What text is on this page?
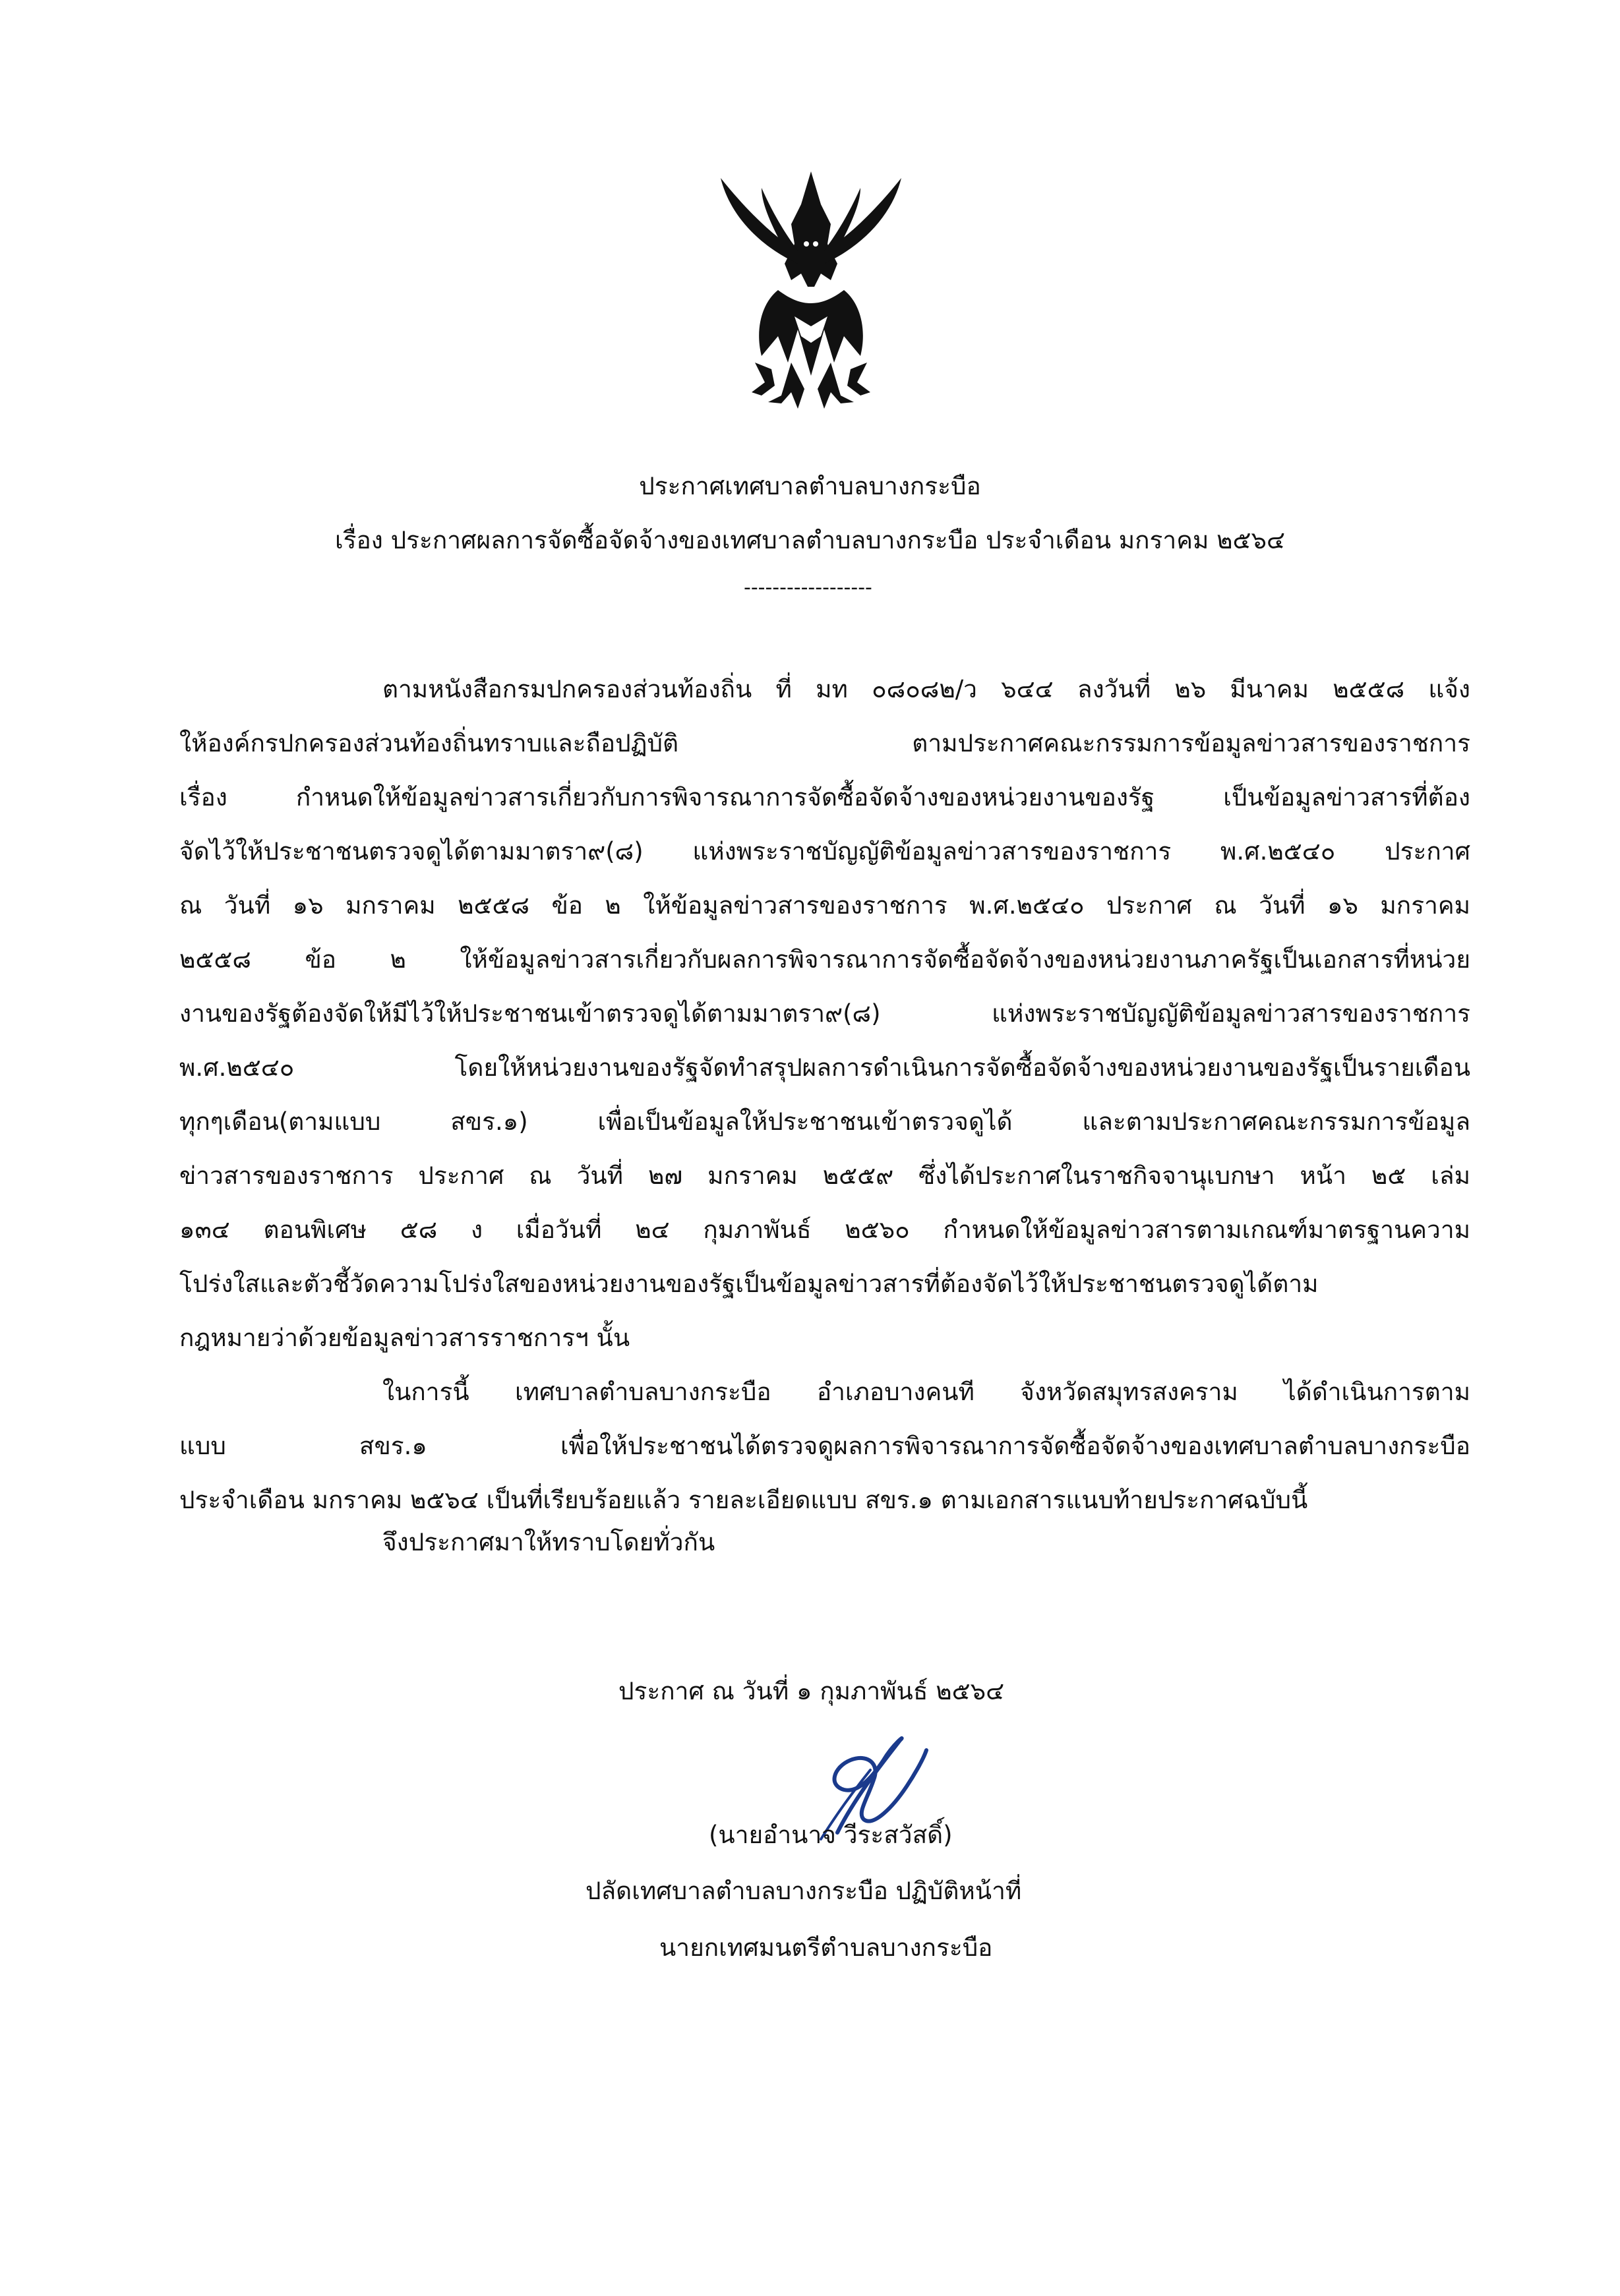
ประกาศเทศบาลตำบลบางกระบือ
เรื่อง ประกาศผลการจัดซื้อจัดจ้างของเทศบาลตำบลบางกระบือ ประจำเดือน มกราคม ๒๕๖๔
------------------
ตามหนังสือกรมปกครองส่วนท้องถิ่น ที่ มท ๐๘๐๘๒/ว ๖๔๔ ลงวันที่ ๒๖ มีนาคม ๒๕๕๘ แจ้ง
ให้องค์กรปกครองส่วนท้องถิ่นทราบและถือปฏิบัติ ตามประกาศคณะกรรมการข้อมูลข่าวสารของราชการ
เรื่อง กำหนดให้ข้อมูลข่าวสารเกี่ยวกับการพิจารณาการจัดซื้อจัดจ้างของหน่วยงานของรัฐ เป็นข้อมูลข่าวสารที่ต้อง
จัดไว้ให้ประชาชนตรวจดูได้ตามมาตรา๙(๘) แห่งพระราชบัญญัติข้อมูลข่าวสารของราชการ พ.ศ.๒๕๔๐ ประกาศ
ณ วันที่ ๑๖ มกราคม ๒๕๕๘ ข้อ ๒ ให้ข้อมูลข่าวสารของราชการ พ.ศ.๒๕๔๐ ประกาศ ณ วันที่ ๑๖ มกราคม
๒๕๕๘ ข้อ ๒ ให้ข้อมูลข่าวสารเกี่ยวกับผลการพิจารณาการจัดซื้อจัดจ้างของหน่วยงานภาครัฐเป็นเอกสารที่หน่วย
งานของรัฐต้องจัดให้มีไว้ให้ประชาชนเข้าตรวจดูได้ตามมาตรา๙(๘) แห่งพระราชบัญญัติข้อมูลข่าวสารของราชการ
พ.ศ.๒๕๔๐ โดยให้หน่วยงานของรัฐจัดทำสรุปผลการดำเนินการจัดซื้อจัดจ้างของหน่วยงานของรัฐเป็นรายเดือน
ทุกๆเดือน(ตามแบบ สขร.๑) เพื่อเป็นข้อมูลให้ประชาชนเข้าตรวจดูได้ และตามประกาศคณะกรรมการข้อมูล
ข่าวสารของราชการ ประกาศ ณ วันที่ ๒๗ มกราคม ๒๕๕๙ ซึ่งได้ประกาศในราชกิจจานุเบกษา หน้า ๒๕ เล่ม
๑๓๔ ตอนพิเศษ ๕๘ ง เมื่อวันที่ ๒๔ กุมภาพันธ์ ๒๕๖๐ กำหนดให้ข้อมูลข่าวสารตามเกณฑ์มาตรฐานความ
โปร่งใสและตัวชี้วัดความโปร่งใสของหน่วยงานของรัฐเป็นข้อมูลข่าวสารที่ต้องจัดไว้ให้ประชาชนตรวจดูได้ตาม
กฎหมายว่าด้วยข้อมูลข่าวสารราชการฯ นั้น
ในการนี้ เทศบาลตำบลบางกระบือ อำเภอบางคนที จังหวัดสมุทรสงคราม ได้ดำเนินการตาม
แบบ สขร.๑ เพื่อให้ประชาชนได้ตรวจดูผลการพิจารณาการจัดซื้อจัดจ้างของเทศบาลตำบลบางกระบือ
ประจำเดือน มกราคม ๒๕๖๔ เป็นที่เรียบร้อยแล้ว รายละเอียดแบบ สขร.๑ ตามเอกสารแนบท้ายประกาศฉบับนี้
จึงประกาศมาให้ทราบโดยทั่วกัน
ประกาศ ณ วันที่ ๑ กุมภาพันธ์ ๒๕๖๔
(นายอำนาจ วีระสวัสดิ์)
ปลัดเทศบาลตำบลบางกระบือ ปฏิบัติหน้าที่
นายกเทศมนตรีตำบลบางกระบือ
